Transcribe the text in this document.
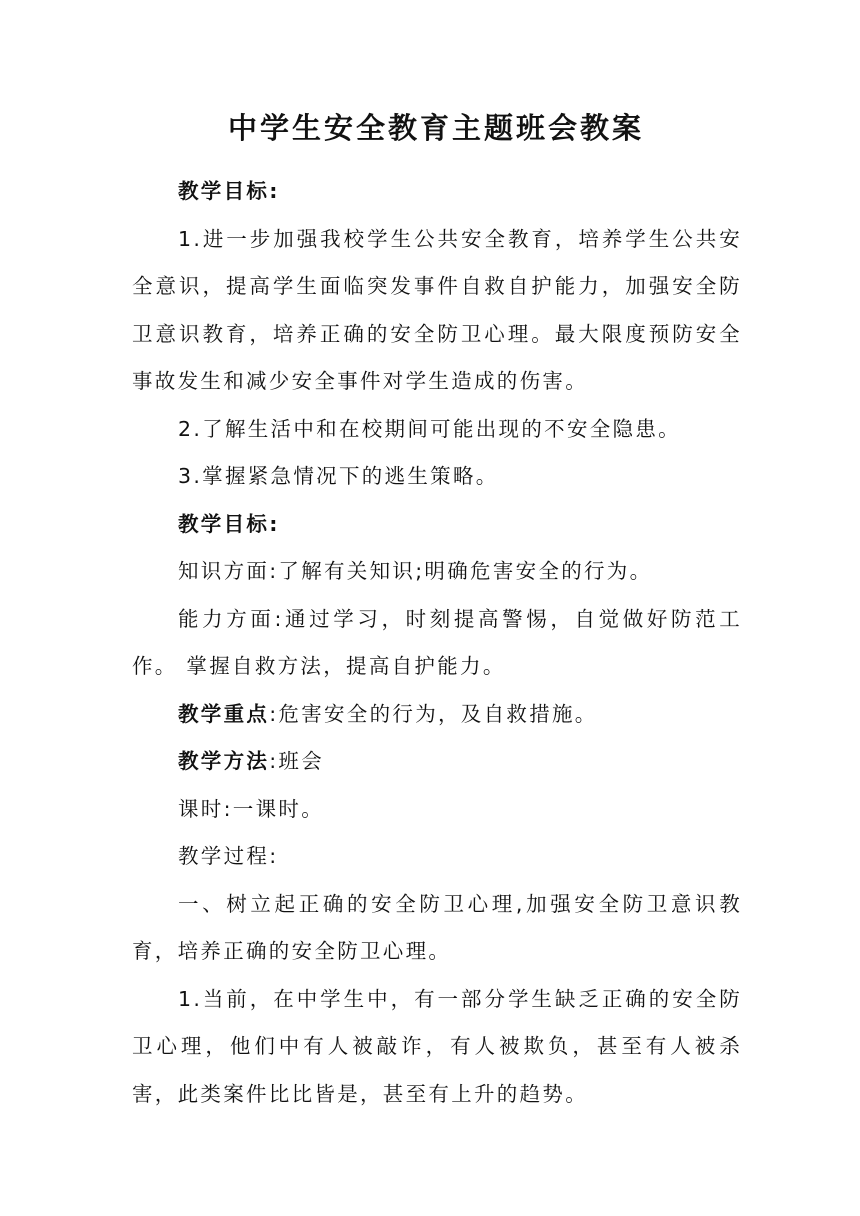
中学生安全教育主题班会教案

教学目标:

1.进一步加强我校学生公共安全教育，培养学生公共安全意识，提高学生面临突发事件自救自护能力，加强安全防卫意识教育，培养正确的安全防卫心理。最大限度预防安全事故发生和减少安全事件对学生造成的伤害。

2.了解生活中和在校期间可能出现的不安全隐患。

3.掌握紧急情况下的逃生策略。

教学目标:

知识方面:了解有关知识;明确危害安全的行为。

能力方面:通过学习，时刻提高警惕，自觉做好防范工作。 掌握自救方法，提高自护能力。

教学重点:危害安全的行为，及自救措施。

教学方法:班会

课时:一课时。

教学过程:

一、树立起正确的安全防卫心理,加强安全防卫意识教育，培养正确的安全防卫心理。

1.当前，在中学生中，有一部分学生缺乏正确的安全防卫心理，他们中有人被敲诈，有人被欺负，甚至有人被杀害，此类案件比比皆是，甚至有上升的趋势。
